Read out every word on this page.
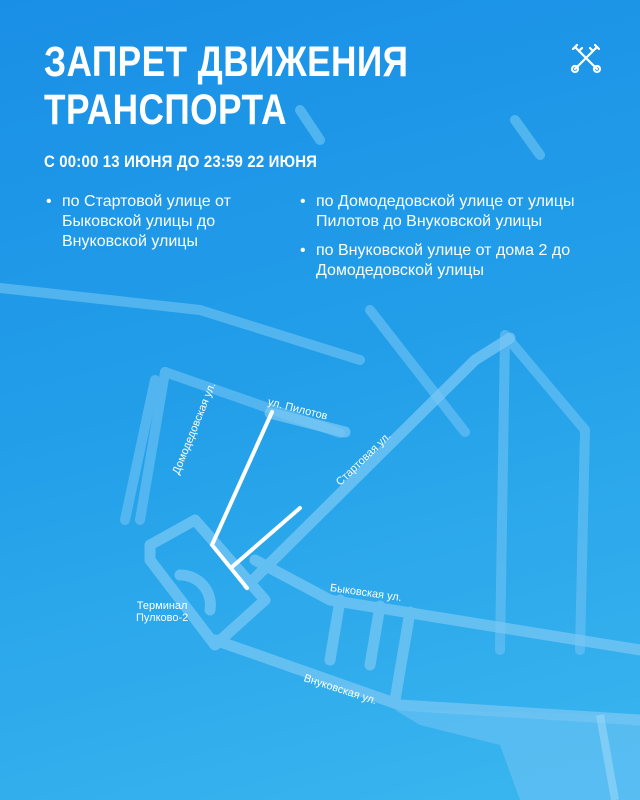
ЗАПРЕТ ДВИЖЕНИЯ
ТРАНСПОРТА
С 00:00 13 ИЮНЯ ДО 23:59 22 ИЮНЯ
• по Стартовой улице от Быковской улицы до Внуковской улицы
• по Домодедовской улице от улицы Пилотов до Внуковской улицы
• по Внуковской улице от дома 2 до Домодедовской улицы
ул. Пилотов
Домодедовская ул.	Стартовая ул.
Быковская ул.
Внуковская ул.
Терминал
Пулково-2
